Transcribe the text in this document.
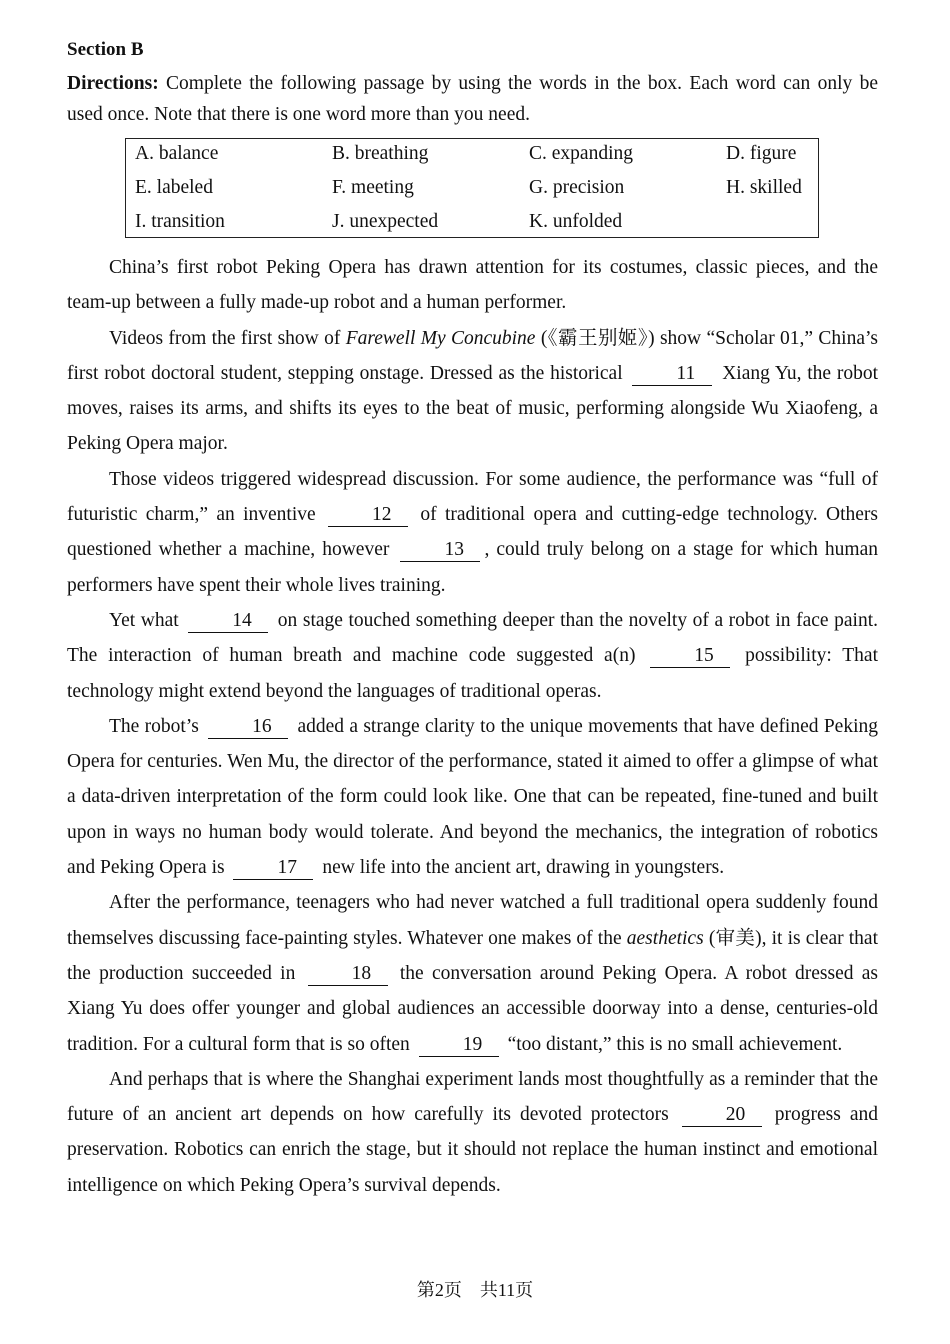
Section B
Directions: Complete the following passage by using the words in the box. Each word can only be used once. Note that there is one word more than you need.
A. balance	B. breathing	C. expanding	D. figure
E. labeled	F. meeting	G. precision	H. skilled
I. transition	J. unexpected	K. unfolded

China’s first robot Peking Opera has drawn attention for its costumes, classic pieces, and the team-up between a fully made-up robot and a human performer.

Videos from the first show of Farewell My Concubine (《霸王别姬》) show “Scholar 01,” China’s first robot doctoral student, stepping onstage. Dressed as the historical 11 Xiang Yu, the robot moves, raises its arms, and shifts its eyes to the beat of music, performing alongside Wu Xiaofeng, a Peking Opera major.

Those videos triggered widespread discussion. For some audience, the performance was “full of futuristic charm,” an inventive 12 of traditional opera and cutting-edge technology. Others questioned whether a machine, however 13 , could truly belong on a stage for which human performers have spent their whole lives training.

Yet what 14 on stage touched something deeper than the novelty of a robot in face paint. The interaction of human breath and machine code suggested a(n) 15 possibility: That technology might extend beyond the languages of traditional operas.

The robot’s 16 added a strange clarity to the unique movements that have defined Peking Opera for centuries. Wen Mu, the director of the performance, stated it aimed to offer a glimpse of what a data-driven interpretation of the form could look like. One that can be repeated, fine-tuned and built upon in ways no human body would tolerate. And beyond the mechanics, the integration of robotics and Peking Opera is 17 new life into the ancient art, drawing in youngsters.

After the performance, teenagers who had never watched a full traditional opera suddenly found themselves discussing face-painting styles. Whatever one makes of the aesthetics (审美), it is clear that the production succeeded in 18 the conversation around Peking Opera. A robot dressed as Xiang Yu does offer younger and global audiences an accessible doorway into a dense, centuries-old tradition. For a cultural form that is so often 19 “too distant,” this is no small achievement.

And perhaps that is where the Shanghai experiment lands most thoughtfully as a reminder that the future of an ancient art depends on how carefully its devoted protectors 20 progress and preservation. Robotics can enrich the stage, but it should not replace the human instinct and emotional intelligence on which Peking Opera’s survival depends.

第2页　共11页
